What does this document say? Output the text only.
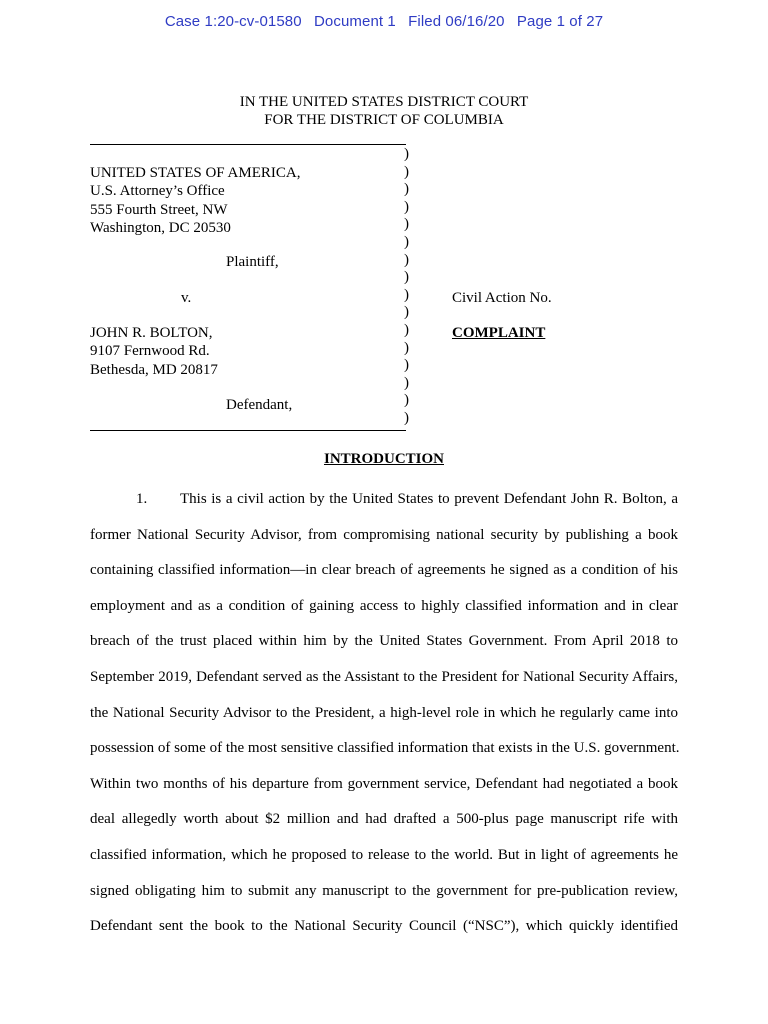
Case 1:20-cv-01580 Document 1 Filed 06/16/20 Page 1 of 27
IN THE UNITED STATES DISTRICT COURT
FOR THE DISTRICT OF COLUMBIA
)
)
)
)
)
)
)
)
)
)
)
)
)
)
)
)
UNITED STATES OF AMERICA,
U.S. Attorney’s Office
555 Fourth Street, NW
Washington, DC 20530
Plaintiff,
v.
JOHN R. BOLTON,
9107 Fernwood Rd.
Bethesda, MD 20817
Defendant,
Civil Action No.
COMPLAINT
INTRODUCTION
1. This is a civil action by the United States to prevent Defendant John R. Bolton, a
former National Security Advisor, from compromising national security by publishing a book
containing classified information—in clear breach of agreements he signed as a condition of his
employment and as a condition of gaining access to highly classified information and in clear
breach of the trust placed within him by the United States Government. From April 2018 to
September 2019, Defendant served as the Assistant to the President for National Security Affairs,
the National Security Advisor to the President, a high-level role in which he regularly came into
possession of some of the most sensitive classified information that exists in the U.S. government.
Within two months of his departure from government service, Defendant had negotiated a book
deal allegedly worth about $2 million and had drafted a 500-plus page manuscript rife with
classified information, which he proposed to release to the world. But in light of agreements he
signed obligating him to submit any manuscript to the government for pre-publication review,
Defendant sent the book to the National Security Council (“NSC”), which quickly identified
